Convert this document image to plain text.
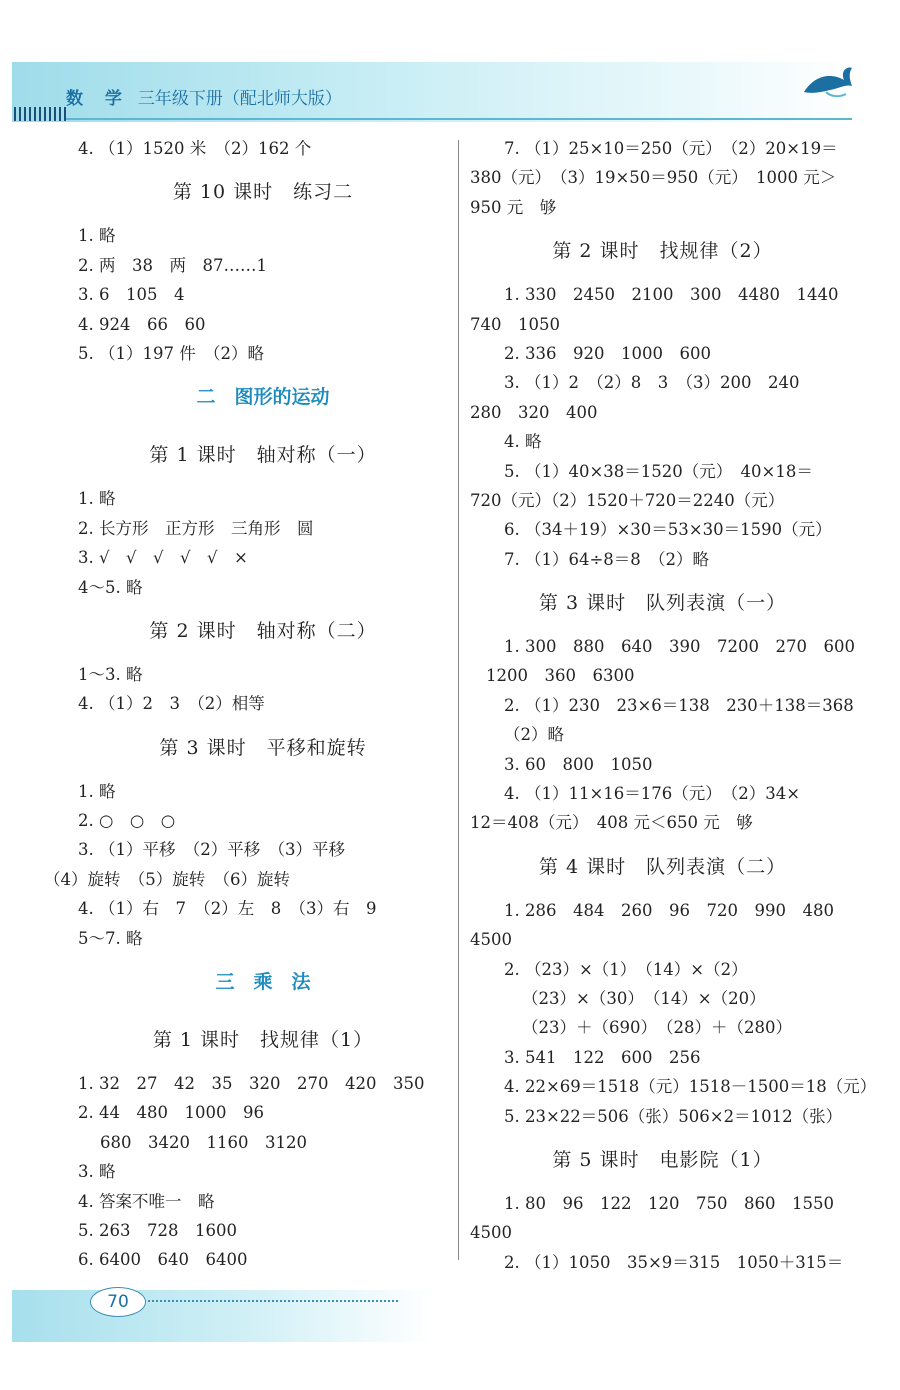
数 学 三年级下册（配北师大版）
4. （1）1520 米　（2）162 个
第 10 课时　练习二
1. 略
2. 两　38　两　87……1
3. 6　105　4
4. 924　66　60
5. （1）197 件　（2）略
二　图形的运动
第 1 课时　轴对称（一）
1. 略
2. 长方形　正方形　三角形　圆
3. √　√　√　√　√　×
4～5. 略
第 2 课时　轴对称（二）
1～3. 略
4. （1）2　3　（2）相等
第 3 课时　平移和旋转
1. 略
2. ○　○　○
3. （1）平移　（2）平移　（3）平移
（4）旋转　（5）旋转　（6）旋转
4. （1）右　7　（2）左　8　（3）右　9
5～7. 略
三　乘　法
第 1 课时　找规律（1）
1. 32　27　42　35　320　270　420　350
2. 44　480　1000　96
680　3420　1160　3120
3. 略
4. 答案不唯一　略
5. 263　728　1600
6. 6400　640　6400
7. （1）25×10＝250（元）　（2）20×19＝
380（元）　（3）19×50＝950（元）　1000 元＞
950 元　够
第 2 课时　找规律（2）
1. 330　2450　2100　300　4480　1440
740　1050
2. 336　920　1000　600
3. （1）2　（2）8　3　（3）200　240
280　320　400
4. 略
5. （1）40×38＝1520（元）　40×18＝
720（元）（2）1520＋720＝2240（元）
6. （34＋19）×30＝53×30＝1590（元）
7. （1）64÷8＝8　（2）略
第 3 课时　队列表演（一）
1. 300　880　640　390　7200　270　600
1200　360　6300
2. （1）230　23×6＝138　230＋138＝368
（2）略
3. 60　800　1050
4. （1）11×16＝176（元）　（2）34×
12＝408（元）　408 元＜650 元　够
第 4 课时　队列表演（二）
1. 286　484　260　96　720　990　480
4500
2. （23）×（1）　（14）×（2）
（23）×（30）　（14）×（20）
（23）＋（690）　（28）＋（280）
3. 541　122　600　256
4. 22×69＝1518（元）1518－1500＝18（元）
5. 23×22＝506（张）506×2＝1012（张）
第 5 课时　电影院（1）
1. 80　96　122　120　750　860　1550
4500
2. （1）1050　35×9＝315　1050＋315＝
70
